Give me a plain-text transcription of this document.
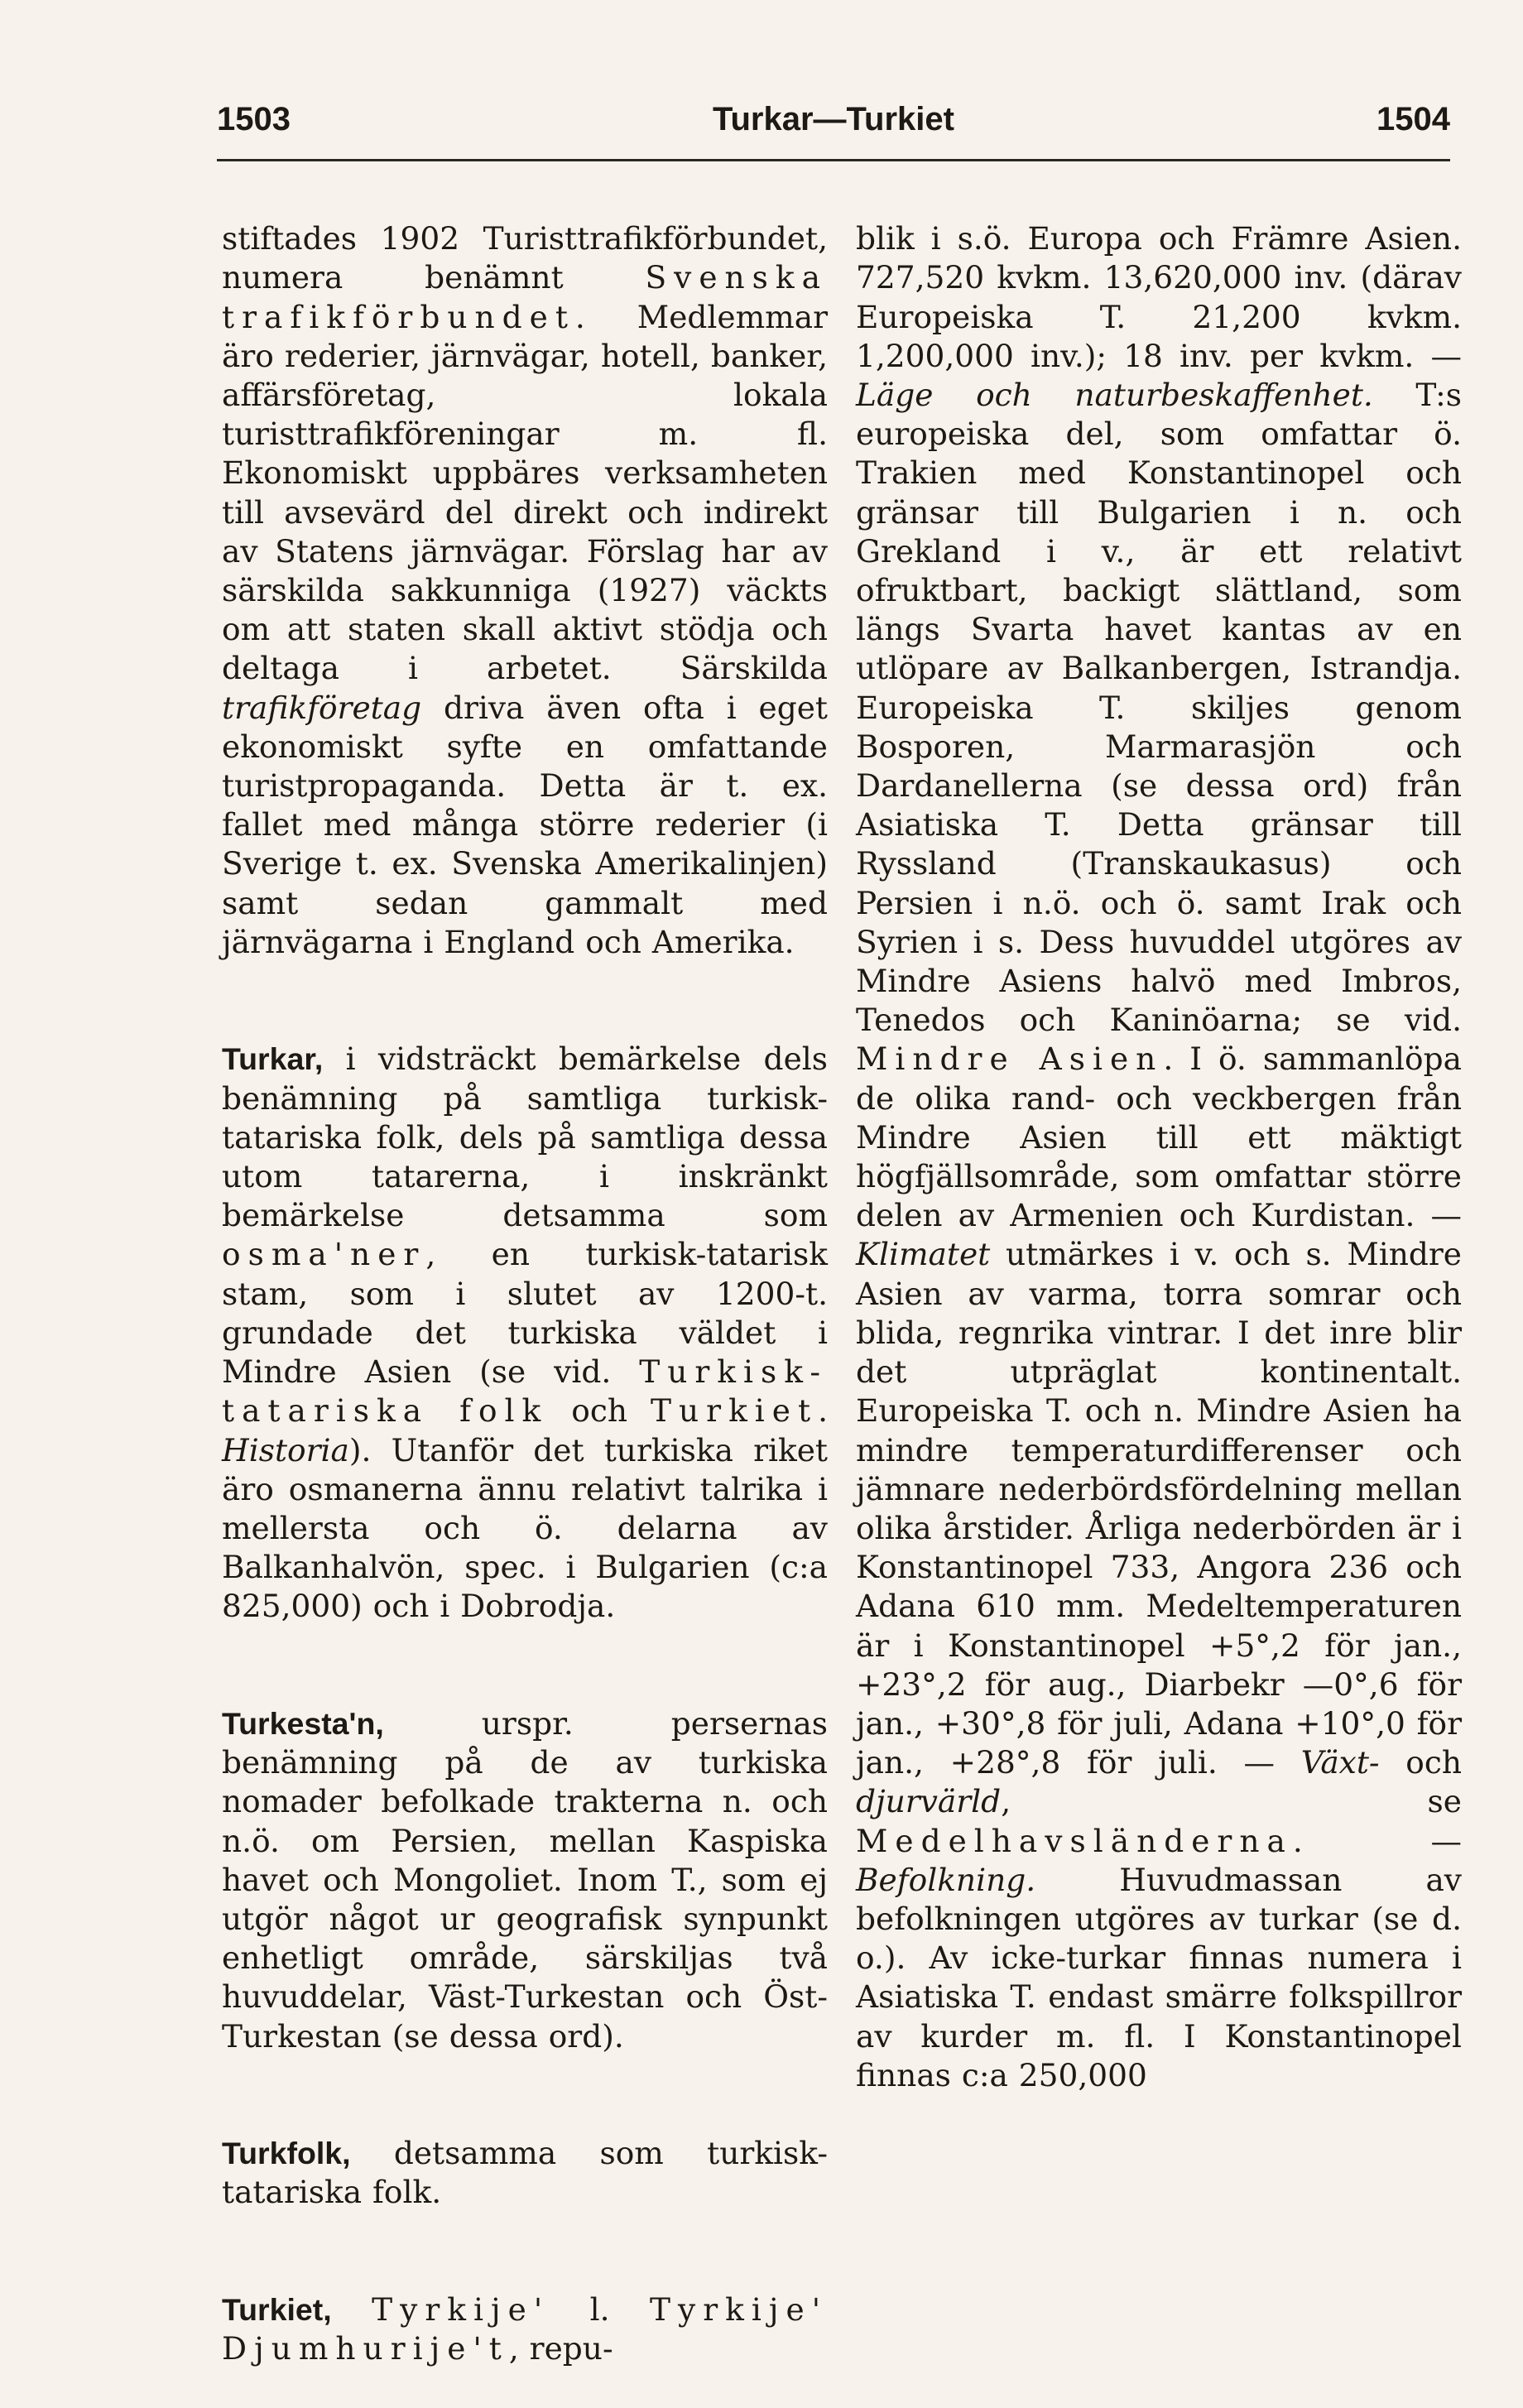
1503	Turkar—Turkiet	1504

stiftades 1902 Turisttrafikförbundet, numera benämnt Svenska trafikförbundet. Medlemmar äro rederier, järnvägar, hotell, banker, affärsföretag, lokala turisttrafikföreningar m. fl. Ekonomiskt uppbäres verksamheten till avsevärd del direkt och indirekt av Statens järnvägar. Förslag har av särskilda sakkunniga (1927) väckts om att staten skall aktivt stödja och deltaga i arbetet. Särskilda trafikföretag driva även ofta i eget ekonomiskt syfte en omfattande turistpropaganda. Detta är t. ex. fallet med många större rederier (i Sverige t. ex. Svenska Amerikalinjen) samt sedan gammalt med järnvägarna i England och Amerika.

Turkar, i vidsträckt bemärkelse dels benämning på samtliga turkisk-tatariska folk, dels på samtliga dessa utom tatarerna, i inskränkt bemärkelse detsamma som osma'ner, en turkisk-tatarisk stam, som i slutet av 1200-t. grundade det turkiska väldet i Mindre Asien (se vid. Turkisk-tatariska folk och Turkiet. Historia). Utanför det turkiska riket äro osmanerna ännu relativt talrika i mellersta och ö. delarna av Balkanhalvön, spec. i Bulgarien (c:a 825,000) och i Dobrodja.

Turkesta'n, urspr. persernas benämning på de av turkiska nomader befolkade trakterna n. och n.ö. om Persien, mellan Kaspiska havet och Mongoliet. Inom T., som ej utgör något ur geografisk synpunkt enhetligt område, särskiljas två huvuddelar, Väst-Turkestan och Öst-Turkestan (se dessa ord).

Turkfolk, detsamma som turkisk-tatariska folk.

Turkiet, Tyrkije' l. Tyrkije' Djumhurije't, repu-

blik i s.ö. Europa och Främre Asien. 727,520 kvkm. 13,620,000 inv. (därav Europeiska T. 21,200 kvkm. 1,200,000 inv.); 18 inv. per kvkm. — Läge och naturbeskaffenhet. T:s europeiska del, som omfattar ö. Trakien med Konstantinopel och gränsar till Bulgarien i n. och Grekland i v., är ett relativt ofruktbart, backigt slättland, som längs Svarta havet kantas av en utlöpare av Balkanbergen, Istrandja. Europeiska T. skiljes genom Bosporen, Marmarasjön och Dardanellerna (se dessa ord) från Asiatiska T. Detta gränsar till Ryssland (Transkaukasus) och Persien i n.ö. och ö. samt Irak och Syrien i s. Dess huvuddel utgöres av Mindre Asiens halvö med Imbros, Tenedos och Kaninöarna; se vid. Mindre Asien. I ö. sammanlöpa de olika rand- och veckbergen från Mindre Asien till ett mäktigt högfjällsområde, som omfattar större delen av Armenien och Kurdistan. — Klimatet utmärkes i v. och s. Mindre Asien av varma, torra somrar och blida, regnrika vintrar. I det inre blir det utpräglat kontinentalt. Europeiska T. och n. Mindre Asien ha mindre temperaturdifferenser och jämnare nederbördsfördelning mellan olika årstider. Årliga nederbörden är i Konstantinopel 733, Angora 236 och Adana 610 mm. Medeltemperaturen är i Konstantinopel +5°,2 för jan., +23°,2 för aug., Diarbekr —0°,6 för jan., +30°,8 för juli, Adana +10°,0 för jan., +28°,8 för juli. — Växt- och djurvärld, se Medelhavsländerna. — Befolkning. Huvudmassan av befolkningen utgöres av turkar (se d. o.). Av icke-turkar finnas numera i Asiatiska T. endast smärre folkspillror av kurder m. fl. I Konstantinopel finnas c:a 250,000
